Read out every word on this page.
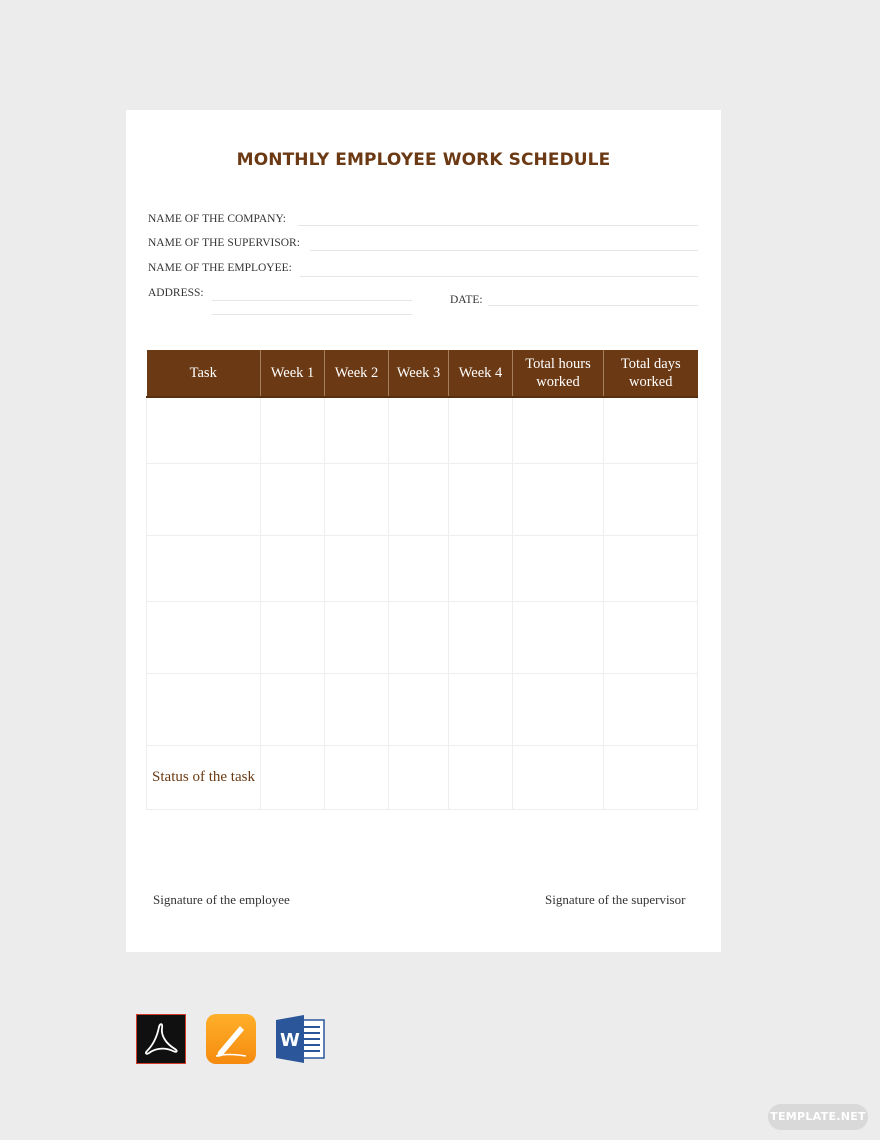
MONTHLY EMPLOYEE WORK SCHEDULE
NAME OF THE COMPANY:
NAME OF THE SUPERVISOR:
NAME OF THE EMPLOYEE:
ADDRESS:
DATE:
Task	Week 1	Week 2	Week 3	Week 4	Total hours worked	Total days worked

Status of the task						
Signature of the employee	Signature of the supervisor
W
TEMPLATE.NET
